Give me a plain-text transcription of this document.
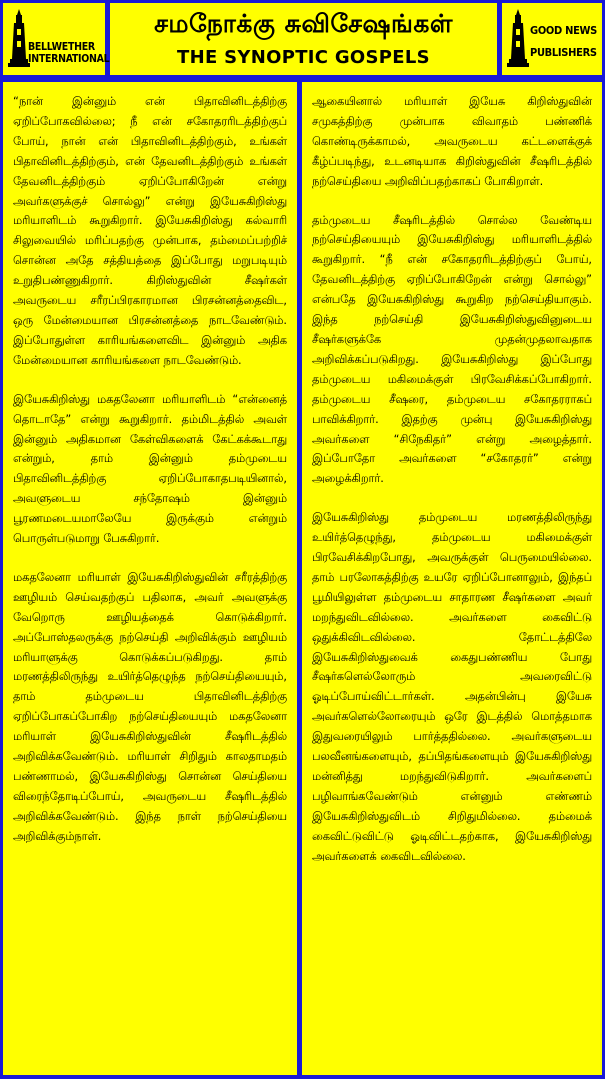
BELLWETHER
INTERNATIONAL
சமநோக்கு சுவிசேஷங்கள்
THE SYNOPTIC GOSPELS
GOOD NEWS
PUBLISHERS

“நான் இன்னும் என் பிதாவினிடத்திற்கு ஏறிப்போகவில்லை; நீ என் சகோதரரிடத்திற்குப் போய், நான் என் பிதாவினிடத்திற்கும், உங்கள் பிதாவினிடத்திற்கும், என் தேவனிடத்திற்கும் உங்கள் தேவனிடத்திற்கும் ஏறிப்போகிறேன் என்று அவர்களுக்குச் சொல்லு” என்று இயேசுகிறிஸ்து மரியாளிடம் கூறுகிறார். இயேசுகிறிஸ்து கல்வாரி சிலுவையில் மரிப்பதற்கு முன்பாக, தம்மைப்பற்றிச் சொன்ன அதே சத்தியத்தை இப்போது மறுபடியும் உறுதிபண்ணுகிறார். கிறிஸ்துவின் சீஷர்கள் அவருடைய சரீரப்பிரகாரமான பிரசன்னத்தைவிட, ஒரு மேன்மையான பிரசன்னத்தை நாடவேண்டும். இப்போதுள்ள காரியங்களைவிட இன்னும் அதிக மேன்மையான காரியங்களை நாடவேண்டும்.

இயேசுகிறிஸ்து மகதலேனா மரியாளிடம் “என்னைத் தொடாதே” என்று கூறுகிறார். தம்மிடத்தில் அவள் இன்னும் அதிகமான கேள்விகளைக் கேட்கக்கூடாது என்றும், தாம் இன்னும் தம்முடைய பிதாவினிடத்திற்கு ஏறிப்போகாதபடியினால், அவளுடைய சந்தோஷம் இன்னும் பூரணமடையமாலேயே இருக்கும் என்றும் பொருள்படுமாறு பேசுகிறார்.

மகதலேனா மரியாள் இயேசுகிறிஸ்துவின் சரீரத்திற்கு ஊழியம் செய்வதற்குப் பதிலாக, அவர் அவளுக்கு வேறொரு ஊழியத்தைக் கொடுக்கிறார். அப்போஸ்தலருக்கு நற்செய்தி அறிவிக்கும் ஊழியம் மரியாளுக்கு கொடுக்கப்படுகிறது. தாம் மரணத்திலிருந்து உயிர்த்தெழுந்த நற்செய்தியையும், தாம் தம்முடைய பிதாவினிடத்திற்கு ஏறிப்போகப்போகிற நற்செய்தியையும் மகதலேனா மரியாள் இயேசுகிறிஸ்துவின் சீஷரிடத்தில் அறிவிக்கவேண்டும். மரியாள் சிறிதும் காலதாமதம் பண்ணாமல், இயேசுகிறிஸ்து சொன்ன செய்தியை விரைந்தோடிப்போய், அவருடைய சீஷரிடத்தில் அறிவிக்கவேண்டும். இந்த நாள் நற்செய்தியை அறிவிக்கும்நாள்.

ஆகையினால் மரியாள் இயேசு கிறிஸ்துவின் சமுகத்திற்கு முன்பாக விவாதம் பண்ணிக் கொண்டிருக்காமல், அவருடைய கட்டளைக்குக் கீழ்ப்படிந்து, உடனடியாக கிறிஸ்துவின் சீஷரிடத்தில் நற்செய்தியை அறிவிப்பதற்காகப் போகிறாள்.

தம்முடைய சீஷரிடத்தில் சொல்ல வேண்டிய நற்செய்தியையும் இயேசுகிறிஸ்து மரியாளிடத்தில் கூறுகிறார். “நீ என் சகோதரரிடத்திற்குப் போய், தேவனிடத்திற்கு ஏறிப்போகிறேன் என்று சொல்லு” என்பதே இயேசுகிறிஸ்து கூறுகிற நற்செய்தியாகும். இந்த நற்செய்தி இயேசுகிறிஸ்துவினுடைய சீஷர்களுக்கே முதன்முதலாவதாக அறிவிக்கப்படுகிறது. இயேசுகிறிஸ்து இப்போது தம்முடைய மகிமைக்குள் பிரவேசிக்கப்போகிறார். தம்முடைய சீஷரை, தம்முடைய சகோதரராகப் பாவிக்கிறார். இதற்கு முன்பு இயேசுகிறிஸ்து அவர்களை “சிநேகிதர்” என்று அழைத்தார். இப்போதோ அவர்களை “சகோதரர்” என்று அழைக்கிறார்.

இயேசுகிறிஸ்து தம்முடைய மரணத்திலிருந்து உயிர்த்தெழுந்து, தம்முடைய மகிமைக்குள் பிரவேசிக்கிறபோது, அவருக்குள் பெருமையில்லை. தாம் பரலோகத்திற்கு உயரே ஏறிப்போனாலும், இந்தப் பூமியிலுள்ள தம்முடைய சாதாரண சீஷர்களை அவர் மறந்துவிடவில்லை. அவர்களை கைவிட்டு ஒதுக்கிவிடவில்லை. தோட்டத்திலே இயேசுகிறிஸ்துவைக் கைதுபண்ணிய போது சீஷர்களெல்லோரும் அவரைவிட்டு ஓடிப்போய்விட்டார்கள். அதன்பின்பு இயேசு அவர்களெல்லோரையும் ஒரே இடத்தில் மொத்தமாக இதுவரையிலும் பார்த்ததில்லை. அவர்களுடைய பலவீனங்களையும், தப்பிதங்களையும் இயேசுகிறிஸ்து மன்னித்து மறந்துவிடுகிறார். அவர்களைப் பழிவாங்கவேண்டும் என்னும் எண்ணம் இயேசுகிறிஸ்துவிடம் சிறிதுமில்லை. தம்மைக் கைவிட்டுவிட்டு ஓடிவிட்டதற்காக, இயேசுகிறிஸ்து அவர்களைக் கைவிடவில்லை.
